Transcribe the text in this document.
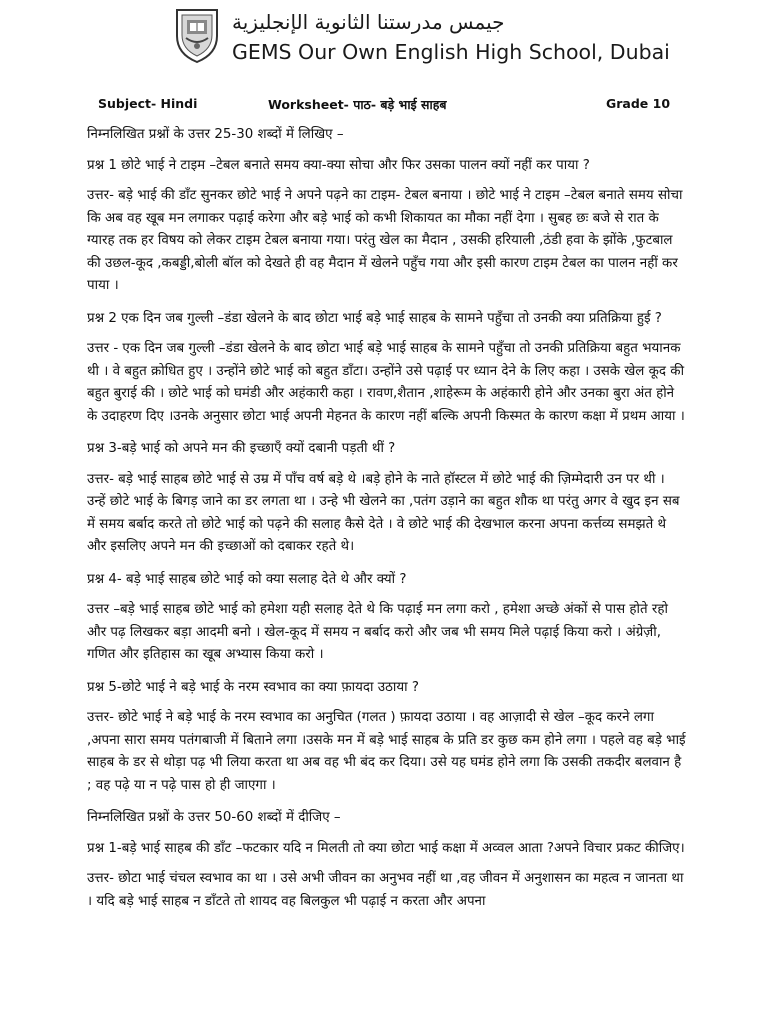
جيمس مدرستنا الثانوية الإنجليزية
GEMS Our Own English High School, Dubai
Subject- Hindi	Worksheet- पाठ- बड़े भाई साहब	Grade 10

निम्नलिखित प्रश्नों के उत्तर 25-30 शब्दों में लिखिए –

प्रश्न 1 छोटे भाई ने टाइम –टेबल बनाते समय क्या-क्या सोचा और फिर उसका पालन क्यों नहीं कर पाया ?

उत्तर- बड़े भाई की डाँट सुनकर छोटे भाई ने अपने पढ़ने का टाइम- टेबल बनाया । छोटे भाई ने टाइम –टेबल बनाते समय सोचा कि अब वह खूब मन लगाकर पढ़ाई करेगा और बड़े भाई को कभी शिकायत का मौका नहीं देगा । सुबह छः बजे से रात के ग्यारह तक हर विषय को लेकर टाइम टेबल बनाया गया। परंतु खेल का मैदान , उसकी हरियाली ,ठंडी हवा के झोंके ,फुटबाल की उछल-कूद ,कबड्डी,बोली बॉल को देखते ही वह मैदान में खेलने पहुँच गया और इसी कारण टाइम टेबल का पालन नहीं कर पाया ।

प्रश्न 2 एक दिन जब गुल्ली –डंडा खेलने के बाद छोटा भाई बड़े भाई साहब के सामने पहुँचा तो उनकी क्या प्रतिक्रिया हुई ?

उत्तर - एक दिन जब गुल्ली –डंडा खेलने के बाद छोटा भाई बड़े भाई साहब के सामने पहुँचा तो उनकी प्रतिक्रिया बहुत भयानक थी । वे बहुत क्रोधित हुए । उन्होंने छोटे भाई को बहुत डाँटा। उन्होंने उसे पढ़ाई पर ध्यान देने के लिए कहा । उसके खेल कूद की बहुत बुराई की । छोटे भाई को घमंडी और अहंकारी कहा । रावण,शैतान ,शाहेरूम के अहंकारी होने और उनका बुरा अंत होने के उदाहरण दिए ।उनके अनुसार छोटा भाई अपनी मेहनत के कारण नहीं बल्कि अपनी किस्मत के कारण कक्षा में प्रथम आया ।

प्रश्न 3-बड़े भाई को अपने मन की इच्छाएँ क्यों दबानी पड़ती थीं ?

उत्तर- बड़े भाई साहब छोटे भाई से उम्र में पाँच वर्ष बड़े थे ।बड़े होने के नाते हॉस्टल में छोटे भाई की ज़िम्मेदारी उन पर थी । उन्हें छोटे भाई के बिगड़ जाने का डर लगता था । उन्हे भी खेलने का ,पतंग उड़ाने का बहुत शौक था परंतु अगर वे खुद इन सब में समय बर्बाद करते तो छोटे भाई को पढ़ने की सलाह कैसे देते । वे छोटे भाई की देखभाल करना अपना कर्त्तव्य समझते थे और इसलिए अपने मन की इच्छाओं को दबाकर रहते थे।

प्रश्न 4- बड़े भाई साहब छोटे भाई को क्या सलाह देते थे और क्यों ?

उत्तर –बड़े भाई साहब छोटे भाई को हमेशा यही सलाह देते थे कि पढ़ाई मन लगा करो , हमेशा अच्छे अंकों से पास होते रहो और पढ़ लिखकर बड़ा आदमी बनो । खेल-कूद में समय न बर्बाद करो और जब भी समय मिले पढ़ाई किया करो । अंग्रेज़ी, गणित और इतिहास का खूब अभ्यास किया करो ।

प्रश्न 5-छोटे भाई ने बड़े भाई के नरम स्वभाव का क्या फ़ायदा उठाया ?

उत्तर- छोटे भाई ने बड़े भाई के नरम स्वभाव का अनुचित (गलत ) फ़ायदा उठाया । वह आज़ादी से खेल –कूद करने लगा ,अपना सारा समय पतंगबाजी में बिताने लगा ।उसके मन में बड़े भाई साहब के प्रति डर कुछ कम होने लगा । पहले वह बड़े भाई साहब के डर से थोड़ा पढ़ भी लिया करता था अब वह भी बंद कर दिया। उसे यह घमंड होने लगा कि उसकी तकदीर बलवान है ; वह पढ़े या न पढ़े पास हो ही जाएगा ।

निम्नलिखित प्रश्नों के उत्तर 50-60 शब्दों में दीजिए –

प्रश्न 1-बड़े भाई साहब की डाँट –फटकार यदि न मिलती तो क्या छोटा भाई कक्षा में अव्वल आता ?अपने विचार प्रकट कीजिए।

उत्तर- छोटा भाई चंचल स्वभाव का था । उसे अभी जीवन का अनुभव नहीं था ,वह जीवन में अनुशासन का महत्व न जानता था । यदि बड़े भाई साहब न डाँटते तो शायद वह बिलकुल भी पढ़ाई न करता और अपना
